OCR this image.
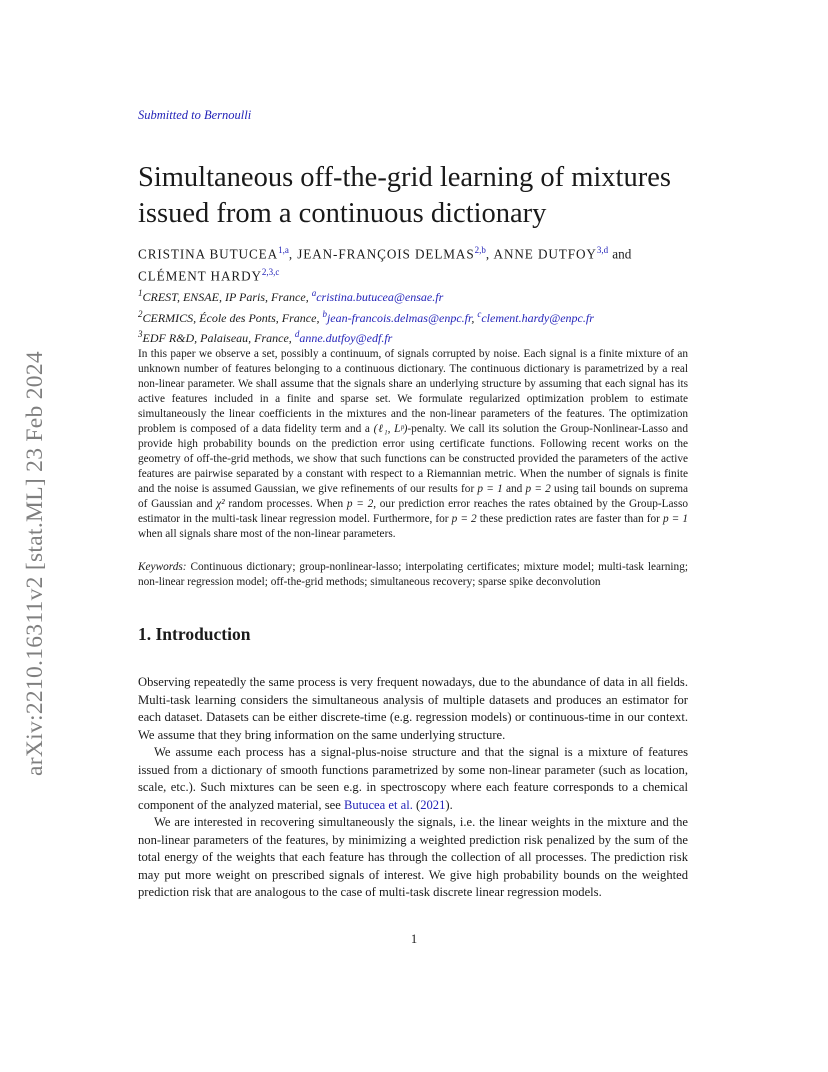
arXiv:2210.16311v2 [stat.ML] 23 Feb 2024
Submitted to Bernoulli
Simultaneous off-the-grid learning of mixtures
issued from a continuous dictionary
CRISTINA BUTUCEA$^{1,a}$, JEAN-FRANÇOIS DELMAS$^{2,b}$, ANNE DUTFOY$^{3,d}$ and
CLÉMENT HARDY$^{2,3,c}$
$^1$CREST, ENSAE, IP Paris, France, $^a$cristina.butucea@ensae.fr
$^2$CERMICS, École des Ponts, France, $^b$jean-francois.delmas@enpc.fr, $^c$clement.hardy@enpc.fr
$^3$EDF R&D, Palaiseau, France, $^d$anne.dutfoy@edf.fr

In this paper we observe a set, possibly a continuum, of signals corrupted by noise. Each signal is a finite mixture of an unknown number of features belonging to a continuous dictionary. The continuous dictionary is parametrized by a real non-linear parameter. We shall assume that the signals share an underlying structure by assuming that each signal has its active features included in a finite and sparse set. We formulate regularized optimization problem to estimate simultaneously the linear coefficients in the mixtures and the non-linear parameters of the features. The optimization problem is composed of a data fidelity term and a (ℓ₁, Lᵖ)-penalty. We call its solution the Group-Nonlinear-Lasso and provide high probability bounds on the prediction error using certificate functions. Following recent works on the geometry of off-the-grid methods, we show that such functions can be constructed provided the parameters of the active features are pairwise separated by a constant with respect to a Riemannian metric. When the number of signals is finite and the noise is assumed Gaussian, we give refinements of our results for p = 1 and p = 2 using tail bounds on suprema of Gaussian and χ² random processes. When p = 2, our prediction error reaches the rates obtained by the Group-Lasso estimator in the multi-task linear regression model. Furthermore, for p = 2 these prediction rates are faster than for p = 1 when all signals share most of the non-linear parameters.

Keywords: Continuous dictionary; group-nonlinear-lasso; interpolating certificates; mixture model; multi-task learning; non-linear regression model; off-the-grid methods; simultaneous recovery; sparse spike deconvolution

1. Introduction

Observing repeatedly the same process is very frequent nowadays, due to the abundance of data in all fields. Multi-task learning considers the simultaneous analysis of multiple datasets and produces an estimator for each dataset. Datasets can be either discrete-time (e.g. regression models) or continuous-time in our context. We assume that they bring information on the same underlying structure.

We assume each process has a signal-plus-noise structure and that the signal is a mixture of features issued from a dictionary of smooth functions parametrized by some non-linear parameter (such as location, scale, etc.). Such mixtures can be seen e.g. in spectroscopy where each feature corresponds to a chemical component of the analyzed material, see Butucea et al. (2021).

We are interested in recovering simultaneously the signals, i.e. the linear weights in the mixture and the non-linear parameters of the features, by minimizing a weighted prediction risk penalized by the sum of the total energy of the weights that each feature has through the collection of all processes. The prediction risk may put more weight on prescribed signals of interest. We give high probability bounds on the weighted prediction risk that are analogous to the case of multi-task discrete linear regression models.

1
